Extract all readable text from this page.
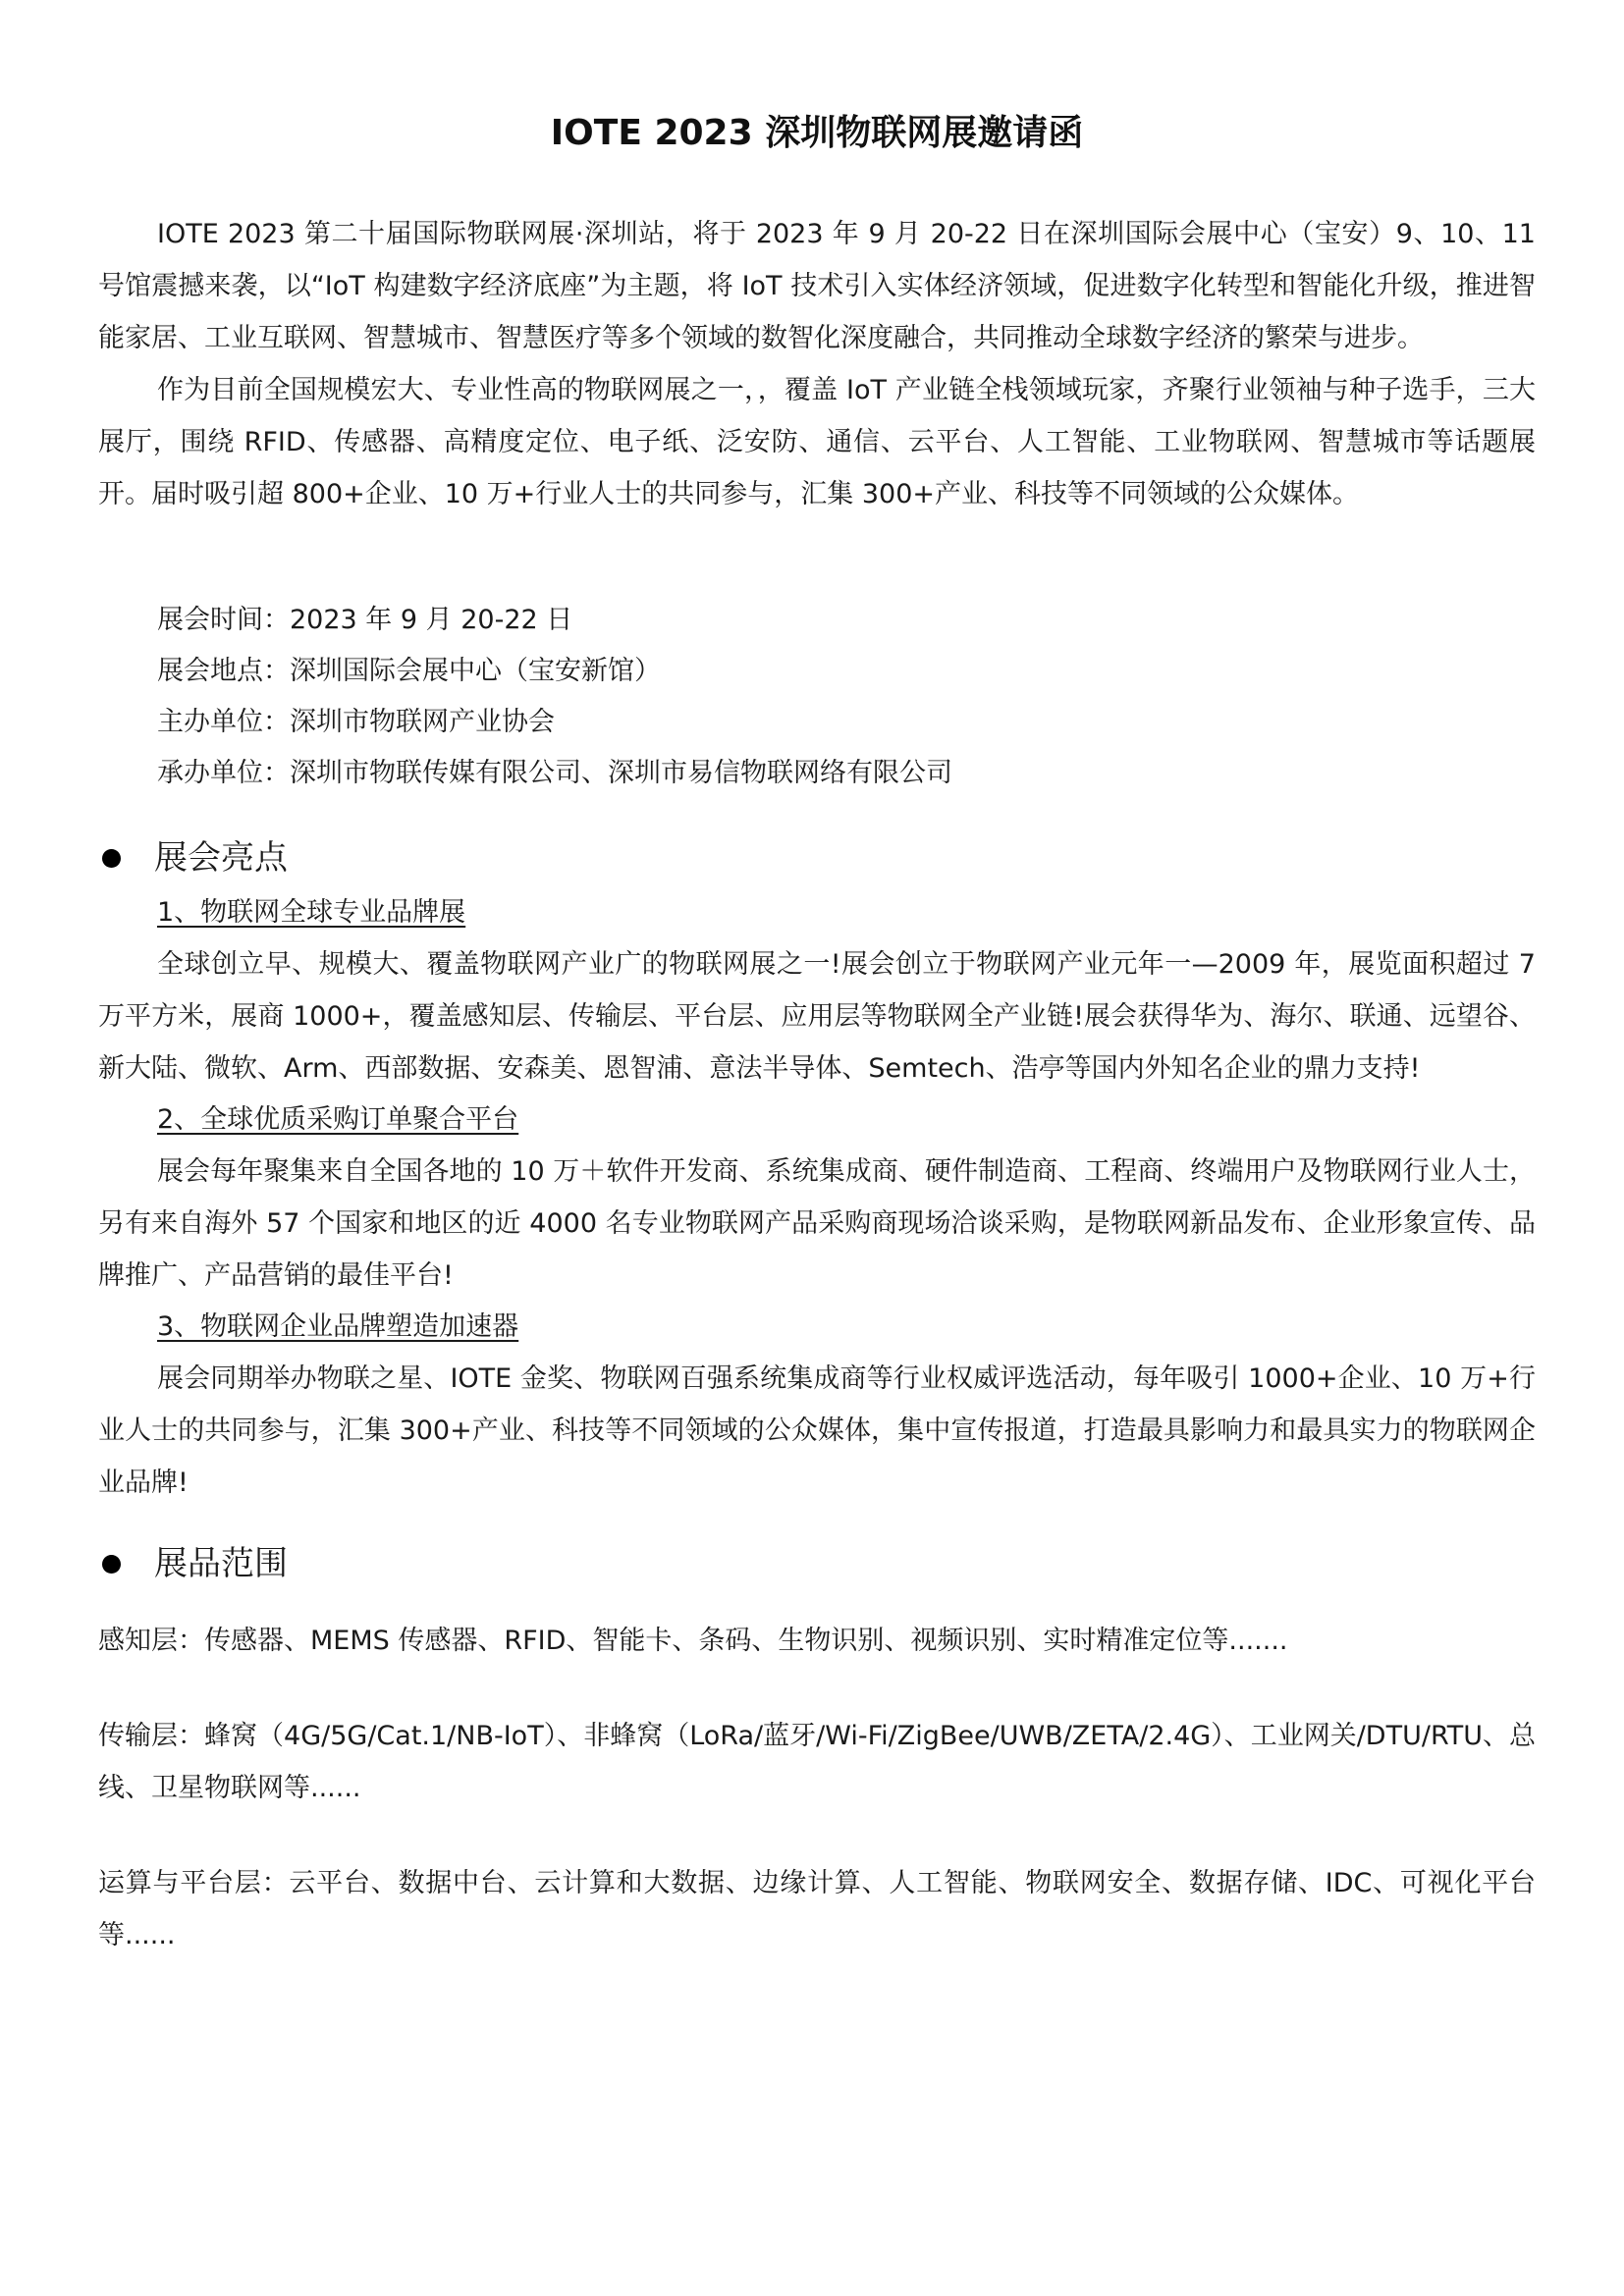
IOTE 2023 深圳物联网展邀请函

IOTE 2023 第二十届国际物联网展·深圳站，将于 2023 年 9 月 20-22 日在深圳国际会展中心（宝安）9、10、11 号馆震撼来袭，以“IoT 构建数字经济底座”为主题，将 IoT 技术引入实体经济领域，促进数字化转型和智能化升级，推进智能家居、工业互联网、智慧城市、智慧医疗等多个领域的数智化深度融合，共同推动全球数字经济的繁荣与进步。

作为目前全国规模宏大、专业性高的物联网展之一，，覆盖 IoT 产业链全栈领域玩家，齐聚行业领袖与种子选手，三大展厅，围绕 RFID、传感器、高精度定位、电子纸、泛安防、通信、云平台、人工智能、工业物联网、智慧城市等话题展开。届时吸引超 800+企业、10 万+行业人士的共同参与，汇集 300+产业、科技等不同领域的公众媒体。

展会时间：2023 年 9 月 20-22 日
展会地点：深圳国际会展中心（宝安新馆）
主办单位：深圳市物联网产业协会
承办单位：深圳市物联传媒有限公司、深圳市易信物联网络有限公司
展会亮点
1、物联网全球专业品牌展

全球创立早、规模大、覆盖物联网产业广的物联网展之一!展会创立于物联网产业元年一—2009 年，展览面积超过 7 万平方米，展商 1000+，覆盖感知层、传输层、平台层、应用层等物联网全产业链!展会获得华为、海尔、联通、远望谷、新大陆、微软、Arm、西部数据、安森美、恩智浦、意法半导体、Semtech、浩亭等国内外知名企业的鼎力支持!

2、全球优质采购订单聚合平台

展会每年聚集来自全国各地的 10 万＋软件开发商、系统集成商、硬件制造商、工程商、终端用户及物联网行业人士，另有来自海外 57 个国家和地区的近 4000 名专业物联网产品采购商现场洽谈采购，是物联网新品发布、企业形象宣传、品牌推广、产品营销的最佳平台!

3、物联网企业品牌塑造加速器

展会同期举办物联之星、IOTE 金奖、物联网百强系统集成商等行业权威评选活动，每年吸引 1000+企业、10 万+行业人士的共同参与，汇集 300+产业、科技等不同领域的公众媒体，集中宣传报道，打造最具影响力和最具实力的物联网企业品牌!

展品范围

感知层：传感器、MEMS 传感器、RFID、智能卡、条码、生物识别、视频识别、实时精准定位等.......

传输层：蜂窝（4G/5G/Cat.1/NB-IoT）、非蜂窝（LoRa/蓝牙/Wi-Fi/ZigBee/UWB/ZETA/2.4G）、工业网关/DTU/RTU、总线、卫星物联网等......

运算与平台层：云平台、数据中台、云计算和大数据、边缘计算、人工智能、物联网安全、数据存储、IDC、可视化平台等......
